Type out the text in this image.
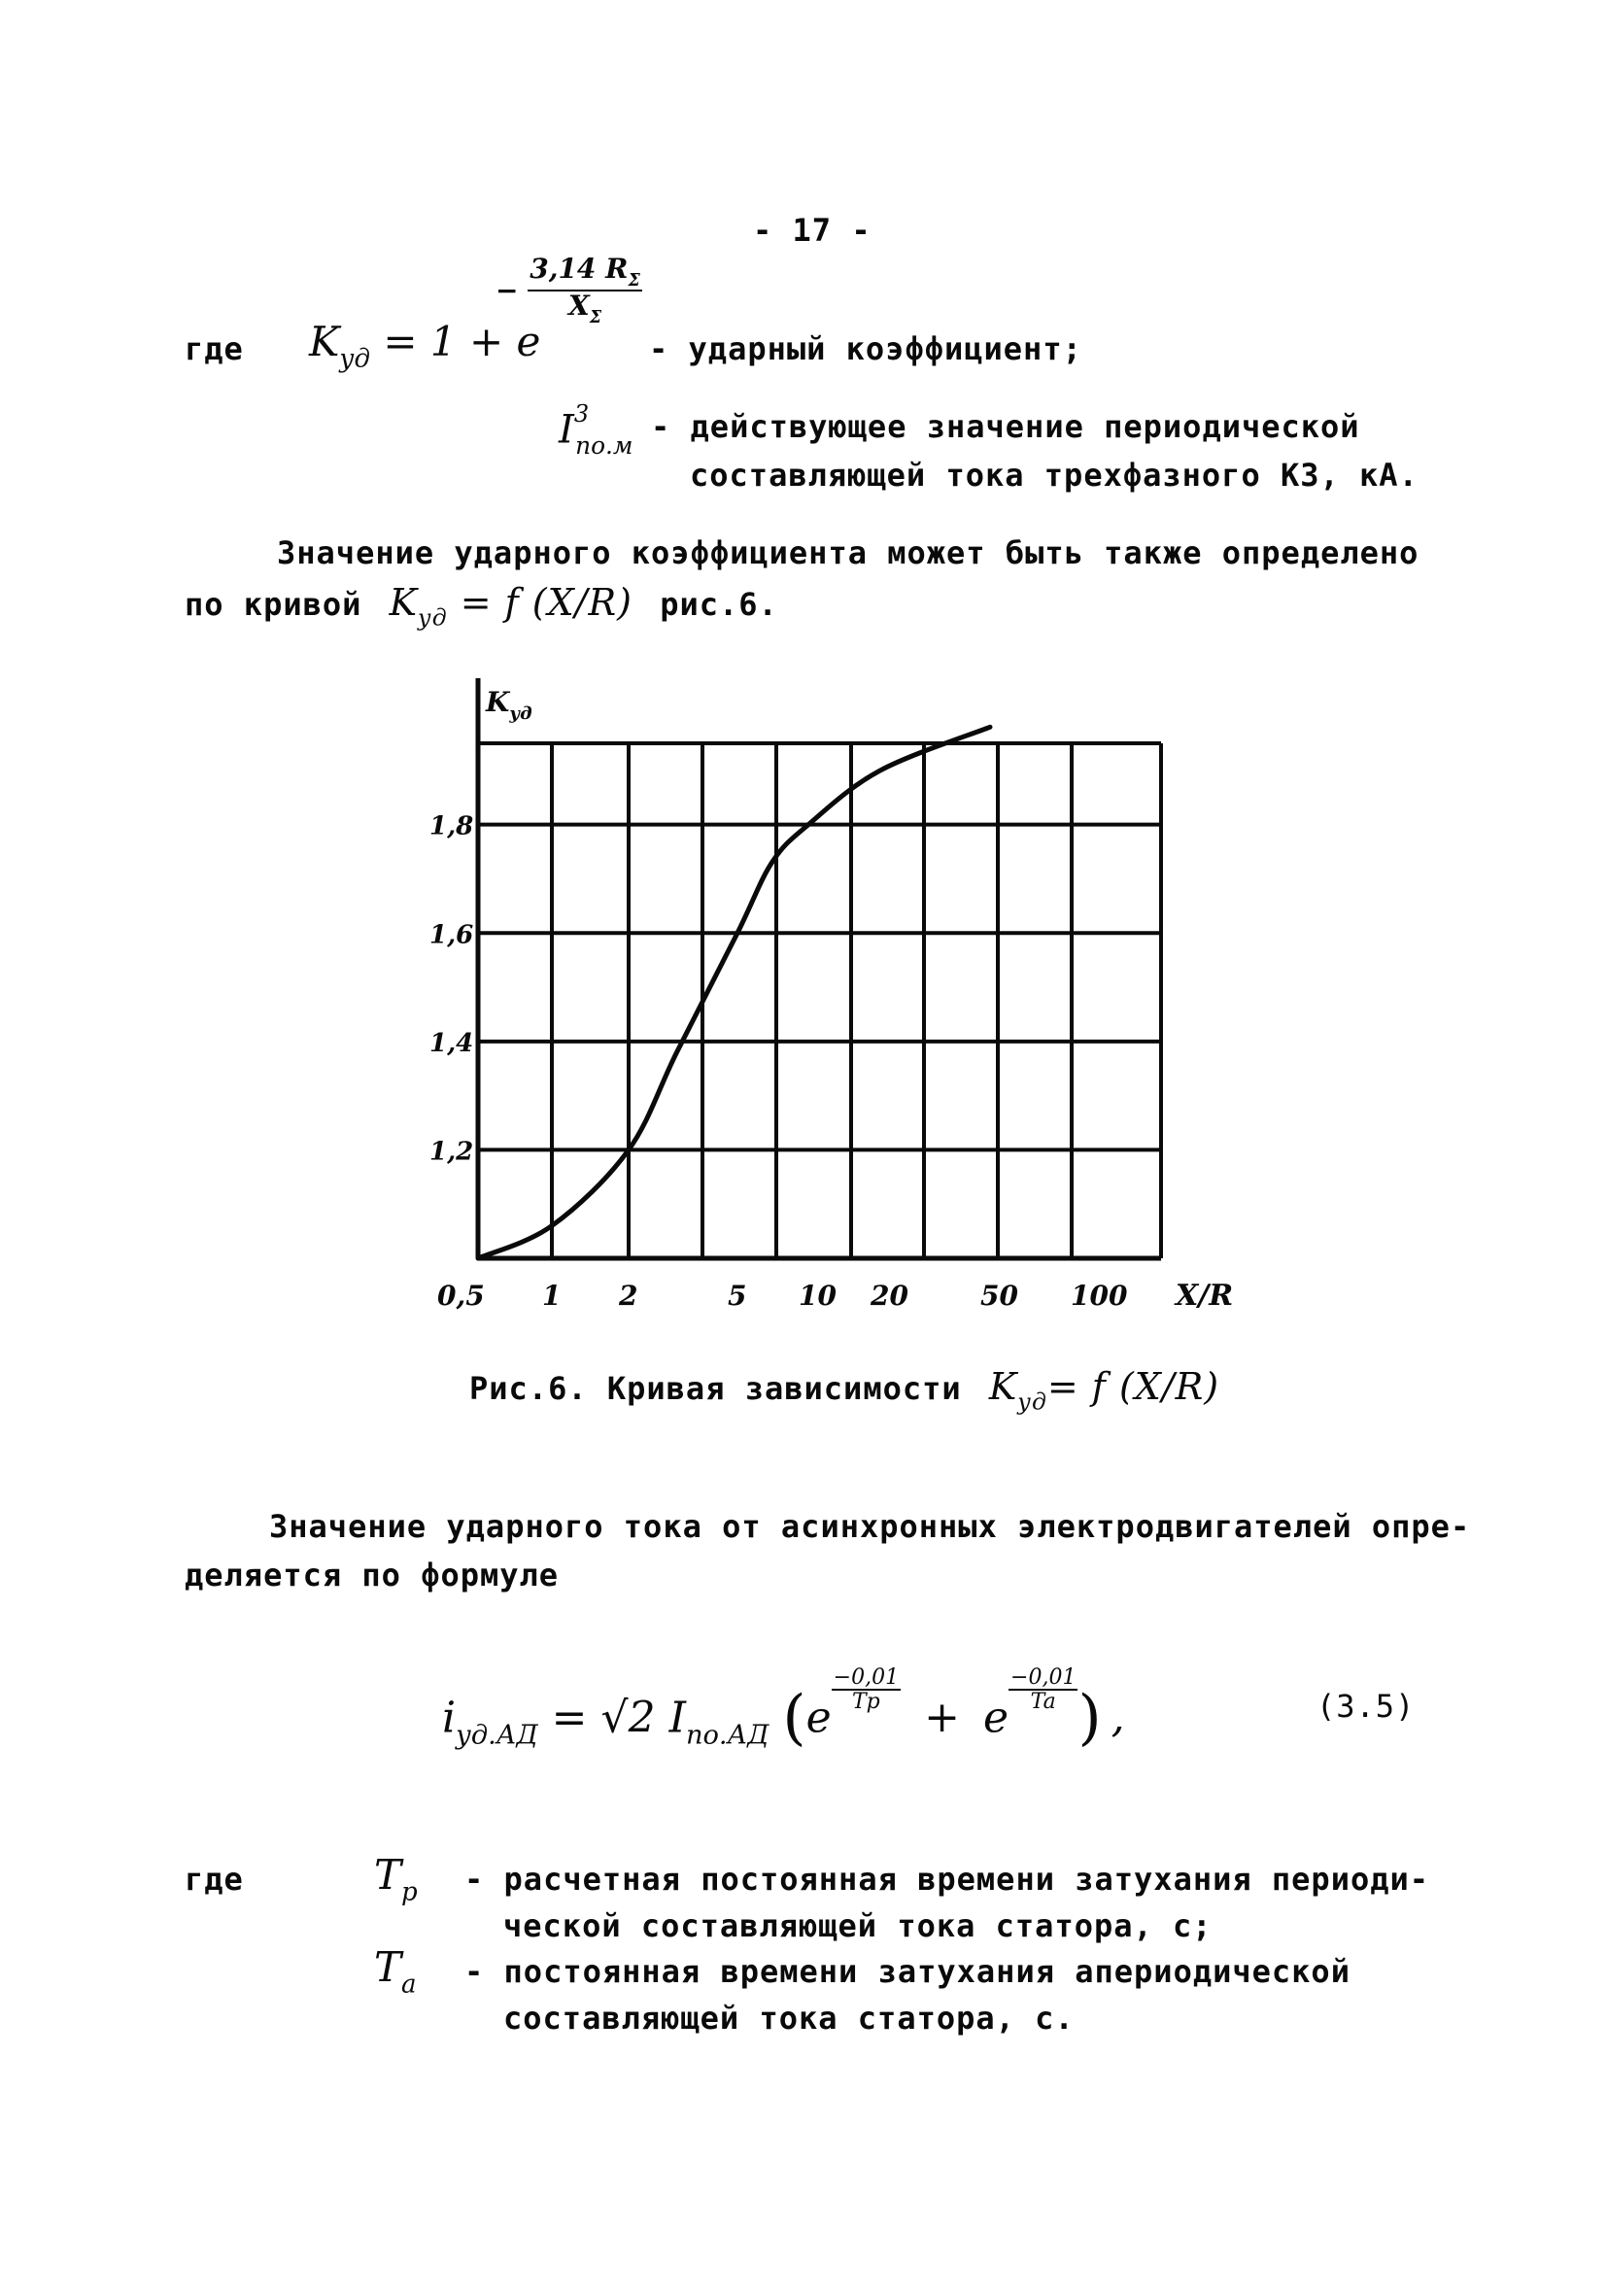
- 17 -
где $K_{уд} = 1 + e$
− $\frac{3,14 R_\Sigma}{X_\Sigma}$
- ударный коэффициент;
$I^3_{по.м}$
- действующее значение периодической
составляющей тока трехфазного КЗ, кА.
Значение ударного коэффициента может быть также определено
по кривой $K_{уд} = f$ (X/R) рис.6.
1,2
1,4
1,6
1,8
0,5 1 2	5 10 20	50 100
$K_{уд}$
X/R
Рис.6. Кривая зависимости $K_{уд}= f$ (X/R)
Значение ударного тока от асинхронных электродвигателей опре-
деляется по формуле
$i_{уд.АД} = √2$ $I_{по.АД}$ (e
$\frac{-0,01}{Tp}$
+ e
$\frac{-0,01}{Ta}$ ) ,	(3.5)
где	$T_р$ - расчетная постоянная времени затухания периоди-
ческой составляющей тока статора, с;
$T_а$ - постоянная времени затухания апериодической
составляющей тока статора, с.
